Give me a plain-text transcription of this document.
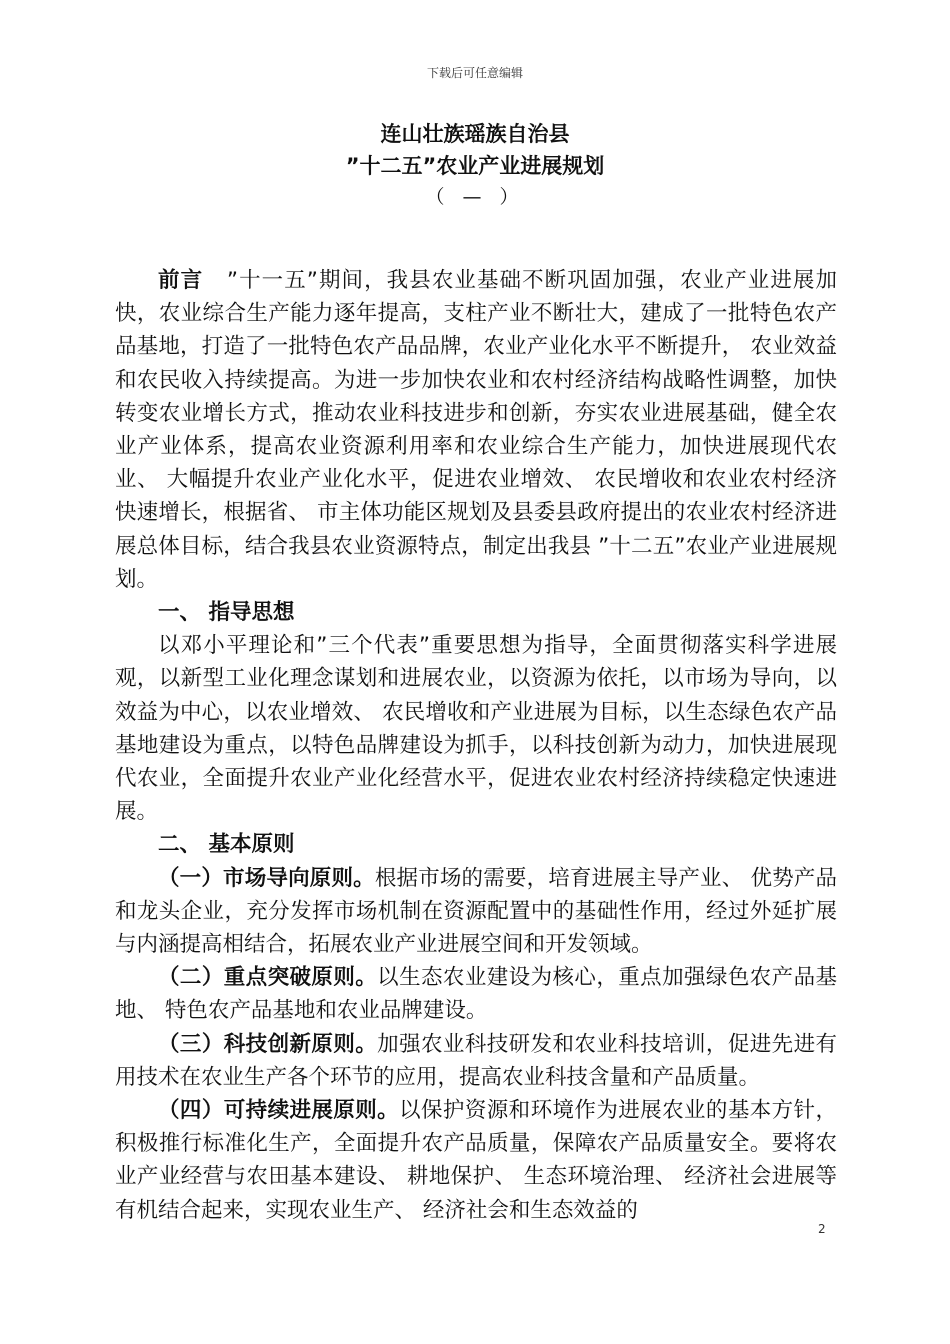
下载后可任意编辑
连山壮族瑶族自治县
”十二五”农业产业进展规划
（ — ）

前言 ”十一五”期间，我县农业基础不断巩固加强，农业产业进展加快，农业综合生产能力逐年提高，支柱产业不断壮大，建成了一批特色农产品基地，打造了一批特色农产品品牌，农业产业化水平不断提升， 农业效益和农民收入持续提高。为进一步加快农业和农村经济结构战略性调整，加快转变农业增长方式，推动农业科技进步和创新，夯实农业进展基础，健全农业产业体系，提高农业资源利用率和农业综合生产能力，加快进展现代农业、 大幅提升农业产业化水平，促进农业增效、 农民增收和农业农村经济快速增长，根据省、 市主体功能区规划及县委县政府提出的农业农村经济进展总体目标，结合我县农业资源特点，制定出我县 ”十二五”农业产业进展规划。

一、 指导思想

以邓小平理论和”三个代表”重要思想为指导，全面贯彻落实科学进展观，以新型工业化理念谋划和进展农业，以资源为依托，以市场为导向，以效益为中心，以农业增效、 农民增收和产业进展为目标，以生态绿色农产品基地建设为重点，以特色品牌建设为抓手，以科技创新为动力，加快进展现代农业，全面提升农业产业化经营水平，促进农业农村经济持续稳定快速进展。

二、 基本原则

（一）市场导向原则。根据市场的需要，培育进展主导产业、 优势产品和龙头企业，充分发挥市场机制在资源配置中的基础性作用，经过外延扩展与内涵提高相结合，拓展农业产业进展空间和开发领域。

（二）重点突破原则。以生态农业建设为核心，重点加强绿色农产品基地、 特色农产品基地和农业品牌建设。

（三）科技创新原则。加强农业科技研发和农业科技培训，促进先进有用技术在农业生产各个环节的应用，提高农业科技含量和产品质量。

（四）可持续进展原则。以保护资源和环境作为进展农业的基本方针，积极推行标准化生产，全面提升农产品质量，保障农产品质量安全。要将农业产业经营与农田基本建设、 耕地保护、 生态环境治理、 经济社会进展等有机结合起来，实现农业生产、 经济社会和生态效益的

2
